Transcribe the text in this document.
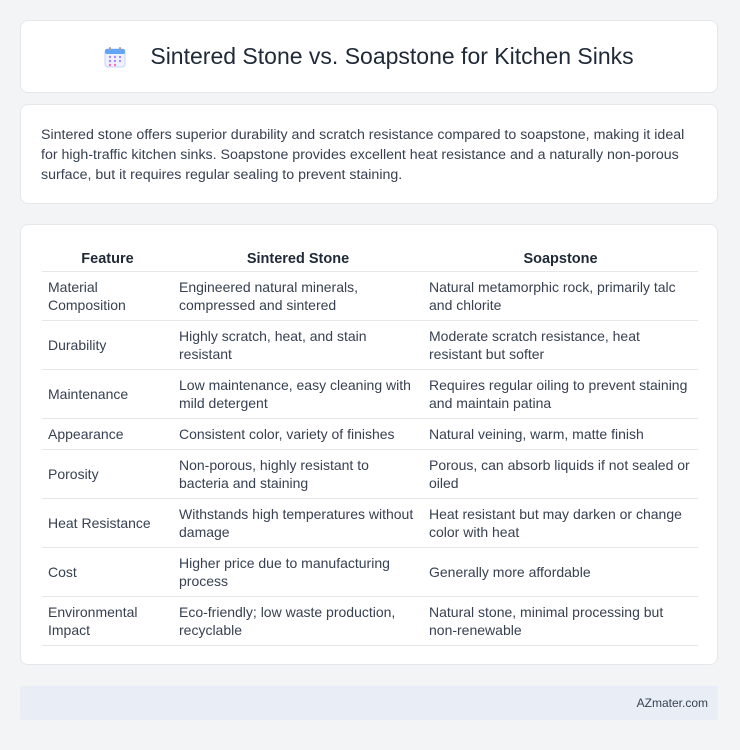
Sintered Stone vs. Soapstone for Kitchen Sinks

Sintered stone offers superior durability and scratch resistance compared to soapstone, making it ideal for high-traffic kitchen sinks. Soapstone provides excellent heat resistance and a naturally non-porous surface, but it requires regular sealing to prevent staining.

Feature	Sintered Stone	Soapstone
Material Composition	Engineered natural minerals, compressed and sintered	Natural metamorphic rock, primarily talc and chlorite
Durability	Highly scratch, heat, and stain resistant	Moderate scratch resistance, heat resistant but softer
Maintenance	Low maintenance, easy cleaning with mild detergent	Requires regular oiling to prevent staining and maintain patina
Appearance	Consistent color, variety of finishes	Natural veining, warm, matte finish
Porosity	Non-porous, highly resistant to bacteria and staining	Porous, can absorb liquids if not sealed or oiled
Heat Resistance	Withstands high temperatures without damage	Heat resistant but may darken or change color with heat
Cost	Higher price due to manufacturing process	Generally more affordable
Environmental Impact	Eco-friendly; low waste production, recyclable	Natural stone, minimal processing but non-renewable
AZmater.com
